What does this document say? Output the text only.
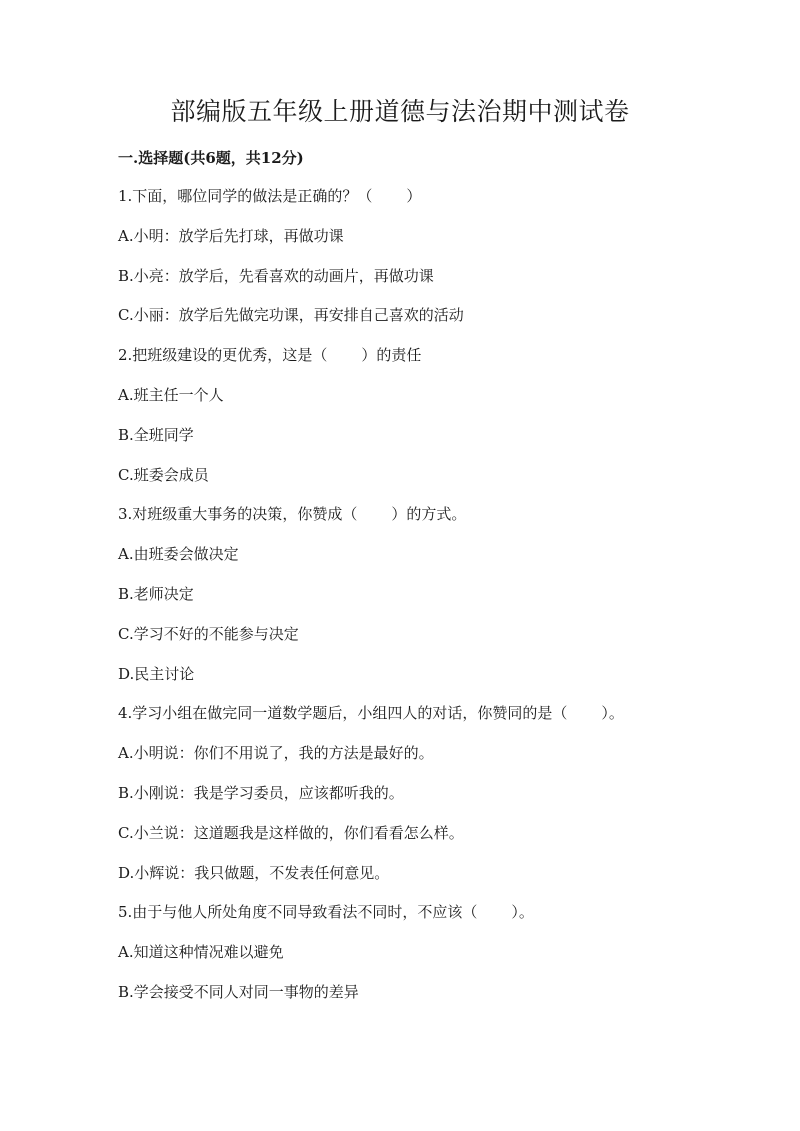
部编版五年级上册道德与法治期中测试卷
一.选择题(共6题，共12分)
1.下面，哪位同学的做法是正确的？（ ）
A.小明：放学后先打球，再做功课
B.小亮：放学后，先看喜欢的动画片，再做功课
C.小丽：放学后先做完功课，再安排自己喜欢的活动
2.把班级建设的更优秀，这是（ ）的责任
A.班主任一个人
B.全班同学
C.班委会成员
3.对班级重大事务的决策，你赞成（ ）的方式。
A.由班委会做决定
B.老师决定
C.学习不好的不能参与决定
D.民主讨论
4.学习小组在做完同一道数学题后，小组四人的对话，你赞同的是（ ）。
A.小明说：你们不用说了，我的方法是最好的。
B.小刚说：我是学习委员，应该都听我的。
C.小兰说：这道题我是这样做的，你们看看怎么样。
D.小辉说：我只做题，不发表任何意见。
5.由于与他人所处角度不同导致看法不同时，不应该（ ）。
A.知道这种情况难以避免
B.学会接受不同人对同一事物的差异
